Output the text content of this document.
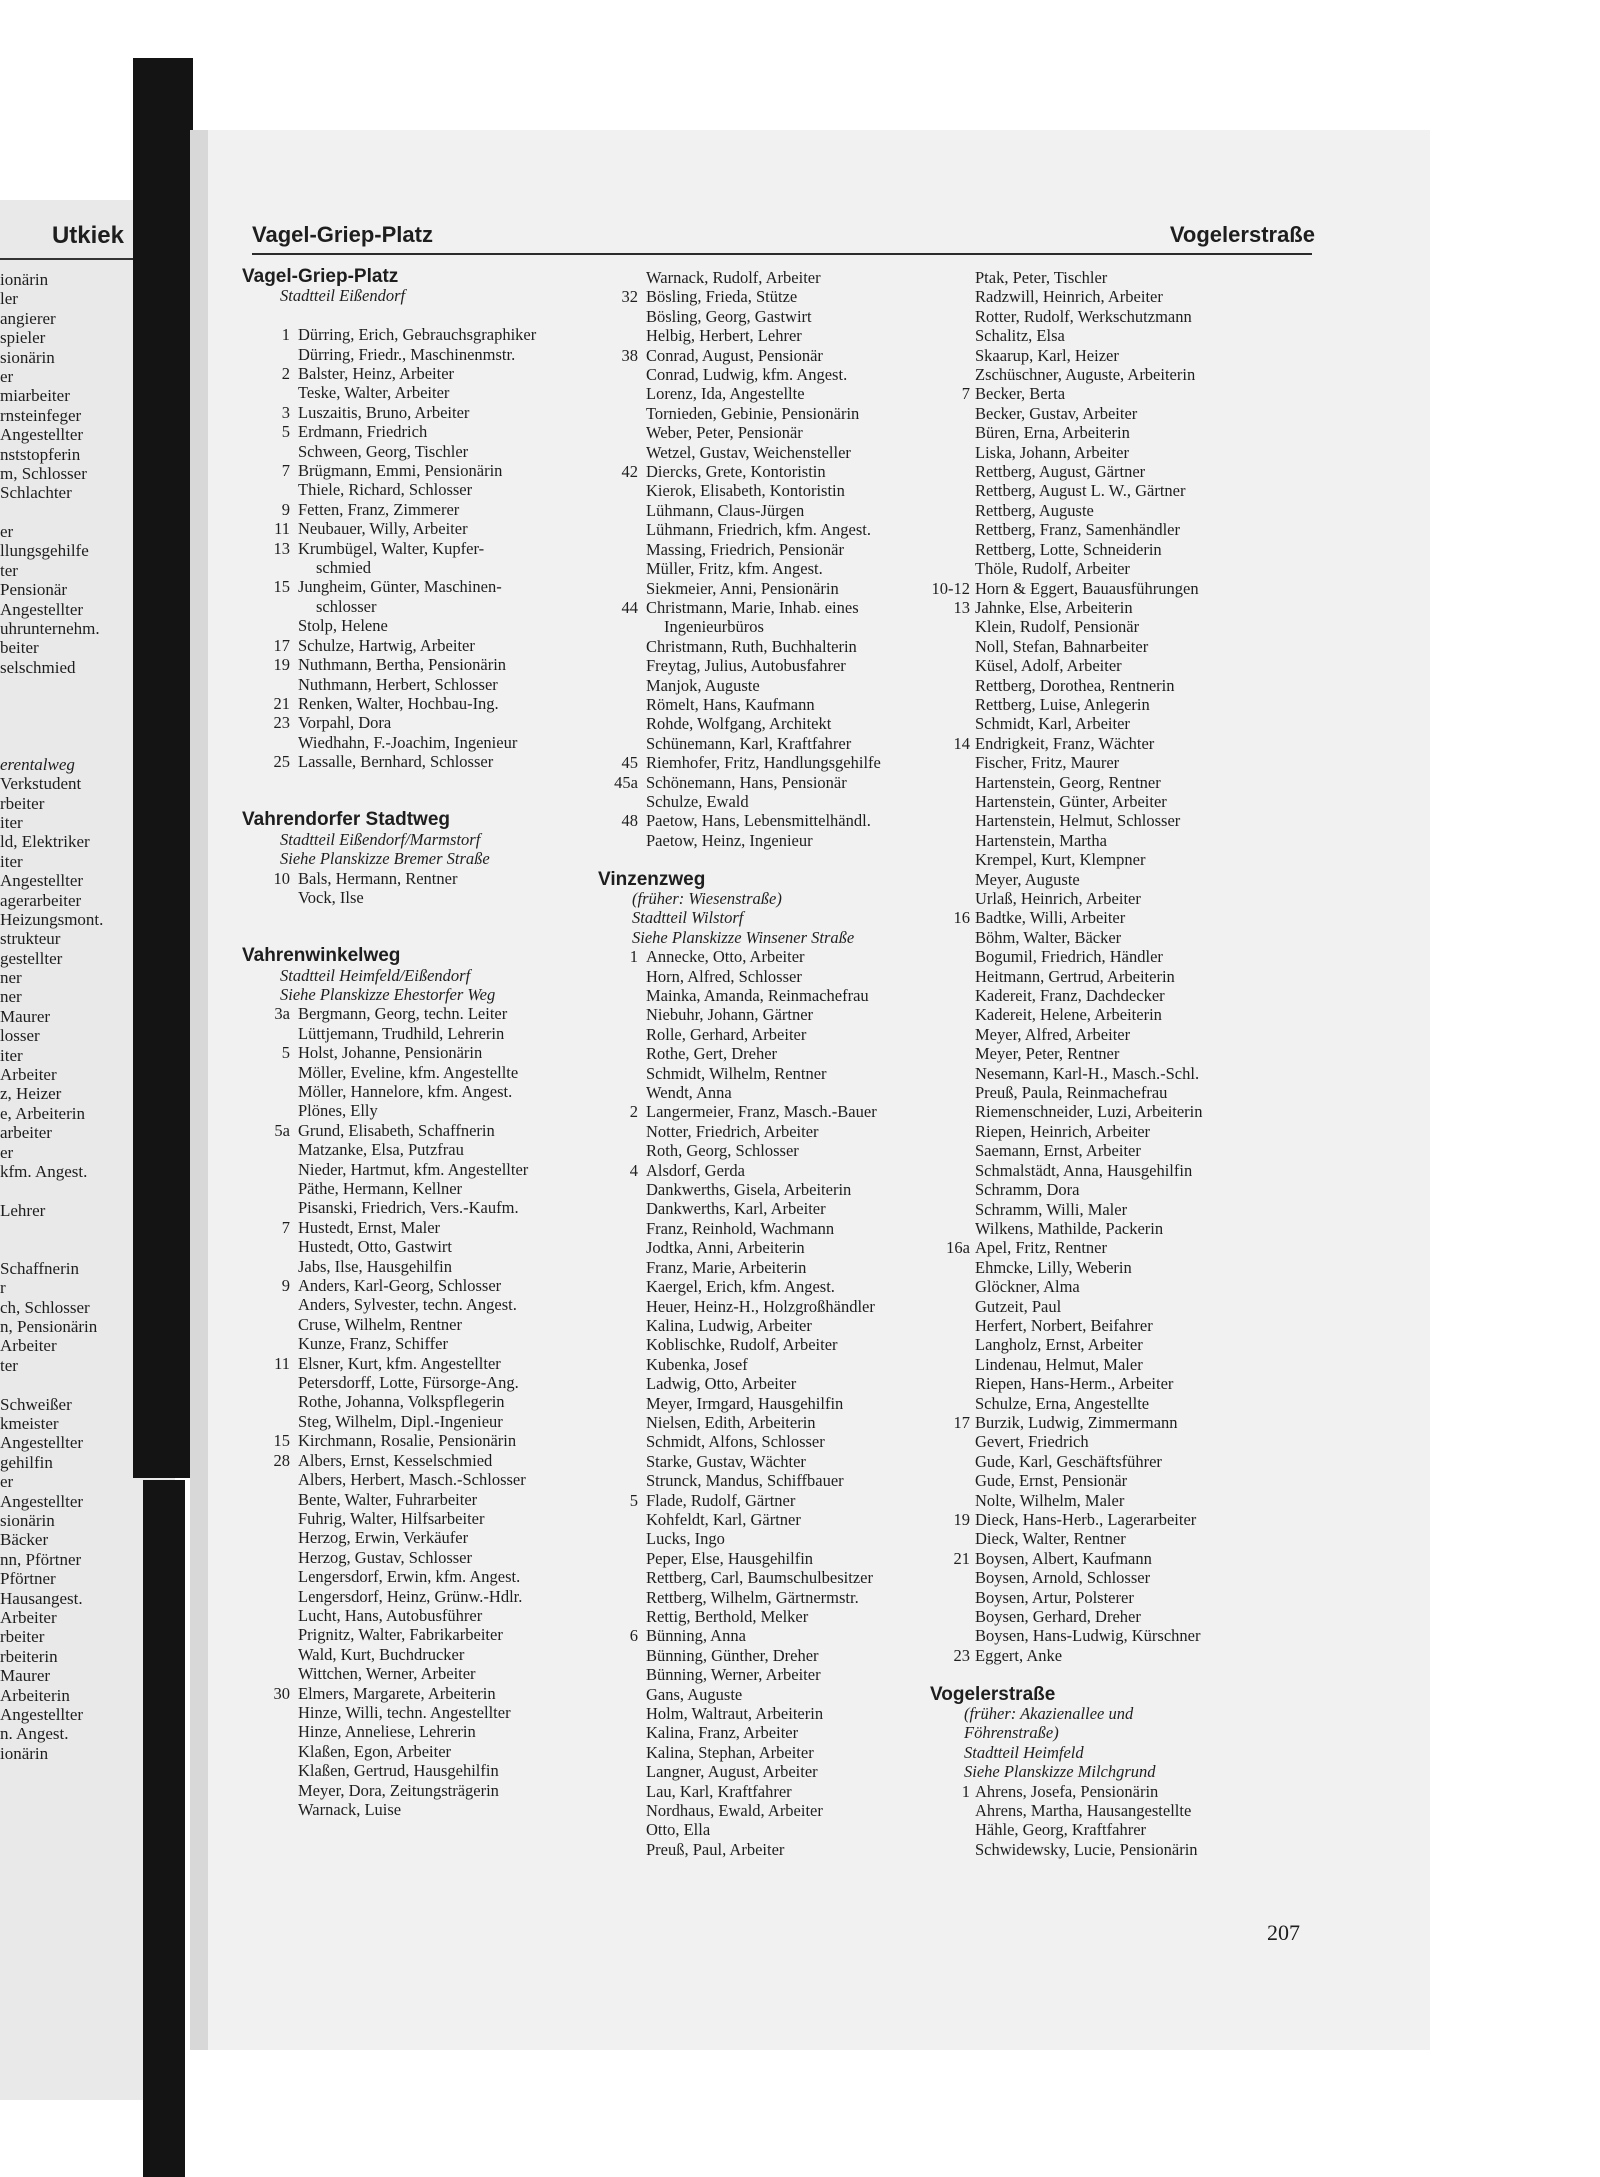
Utkiek
ionärin
ler
angierer
spieler
sionärin
er
miarbeiter
rnsteinfeger
Angestellter
nststopferin
m, Schlosser
Schlachter
er
llungsgehilfe
ter
Pensionär
Angestellter
uhrunternehm.
beiter
selschmied
erentalweg
Verkstudent
rbeiter
iter
ld, Elektriker
iter
Angestellter
agerarbeiter
Heizungsmont.
strukteur
gestellter
ner
ner
Maurer
losser
iter
Arbeiter
z, Heizer
e, Arbeiterin
arbeiter
er
kfm. Angest.
Lehrer
Schaffnerin
r
ch, Schlosser
n, Pensionärin
Arbeiter
ter
Schweißer
kmeister
Angestellter
gehilfin
er
Angestellter
sionärin
Bäcker
nn, Pförtner
Pförtner
Hausangest.
Arbeiter
rbeiter
rbeiterin
Maurer
Arbeiterin
Angestellter
n. Angest.
ionärin
Vagel-Griep-Platz	Vogelerstraße
Vagel-Griep-Platz
Stadtteil Eißendorf
1 Dürring, Erich, Gebrauchsgraphiker
Dürring, Friedr., Maschinenmstr.
2 Balster, Heinz, Arbeiter
Teske, Walter, Arbeiter
3 Luszaitis, Bruno, Arbeiter
5 Erdmann, Friedrich
Schween, Georg, Tischler
7 Brügmann, Emmi, Pensionärin
Thiele, Richard, Schlosser
9 Fetten, Franz, Zimmerer
11 Neubauer, Willy, Arbeiter
13 Krumbügel, Walter, Kupfer-
schmied
15 Jungheim, Günter, Maschinen-
schlosser
Stolp, Helene
17 Schulze, Hartwig, Arbeiter
19 Nuthmann, Bertha, Pensionärin
Nuthmann, Herbert, Schlosser
21 Renken, Walter, Hochbau-Ing.
23 Vorpahl, Dora
Wiedhahn, F.-Joachim, Ingenieur
25 Lassalle, Bernhard, Schlosser
Vahrendorfer Stadtweg
Stadtteil Eißendorf/Marmstorf
Siehe Planskizze Bremer Straße
10 Bals, Hermann, Rentner
Vock, Ilse
Vahrenwinkelweg
Stadtteil Heimfeld/Eißendorf
Siehe Planskizze Ehestorfer Weg
3a Bergmann, Georg, techn. Leiter
Lüttjemann, Trudhild, Lehrerin
5 Holst, Johanne, Pensionärin
Möller, Eveline, kfm. Angestellte
Möller, Hannelore, kfm. Angest.
Plönes, Elly
5a Grund, Elisabeth, Schaffnerin
Matzanke, Elsa, Putzfrau
Nieder, Hartmut, kfm. Angestellter
Päthe, Hermann, Kellner
Pisanski, Friedrich, Vers.-Kaufm.
7 Hustedt, Ernst, Maler
Hustedt, Otto, Gastwirt
Jabs, Ilse, Hausgehilfin
9 Anders, Karl-Georg, Schlosser
Anders, Sylvester, techn. Angest.
Cruse, Wilhelm, Rentner
Kunze, Franz, Schiffer
11 Elsner, Kurt, kfm. Angestellter
Petersdorff, Lotte, Fürsorge-Ang.
Rothe, Johanna, Volkspflegerin
Steg, Wilhelm, Dipl.-Ingenieur
15 Kirchmann, Rosalie, Pensionärin
28 Albers, Ernst, Kesselschmied
Albers, Herbert, Masch.-Schlosser
Bente, Walter, Fuhrarbeiter
Fuhrig, Walter, Hilfsarbeiter
Herzog, Erwin, Verkäufer
Herzog, Gustav, Schlosser
Lengersdorf, Erwin, kfm. Angest.
Lengersdorf, Heinz, Grünw.-Hdlr.
Lucht, Hans, Autobusführer
Prignitz, Walter, Fabrikarbeiter
Wald, Kurt, Buchdrucker
Wittchen, Werner, Arbeiter
30 Elmers, Margarete, Arbeiterin
Hinze, Willi, techn. Angestellter
Hinze, Anneliese, Lehrerin
Klaßen, Egon, Arbeiter
Klaßen, Gertrud, Hausgehilfin
Meyer, Dora, Zeitungsträgerin
Warnack, Luise
Warnack, Rudolf, Arbeiter
32 Bösling, Frieda, Stütze
Bösling, Georg, Gastwirt
Helbig, Herbert, Lehrer
38 Conrad, August, Pensionär
Conrad, Ludwig, kfm. Angest.
Lorenz, Ida, Angestellte
Tornieden, Gebinie, Pensionärin
Weber, Peter, Pensionär
Wetzel, Gustav, Weichensteller
42 Diercks, Grete, Kontoristin
Kierok, Elisabeth, Kontoristin
Lühmann, Claus-Jürgen
Lühmann, Friedrich, kfm. Angest.
Massing, Friedrich, Pensionär
Müller, Fritz, kfm. Angest.
Siekmeier, Anni, Pensionärin
44 Christmann, Marie, Inhab. eines
Ingenieurbüros
Christmann, Ruth, Buchhalterin
Freytag, Julius, Autobusfahrer
Manjok, Auguste
Römelt, Hans, Kaufmann
Rohde, Wolfgang, Architekt
Schünemann, Karl, Kraftfahrer
45 Riemhofer, Fritz, Handlungsgehilfe
45a Schönemann, Hans, Pensionär
Schulze, Ewald
48 Paetow, Hans, Lebensmittelhändl.
Paetow, Heinz, Ingenieur
Vinzenzweg
(früher: Wiesenstraße)
Stadtteil Wilstorf
Siehe Planskizze Winsener Straße
1 Annecke, Otto, Arbeiter
Horn, Alfred, Schlosser
Mainka, Amanda, Reinmachefrau
Niebuhr, Johann, Gärtner
Rolle, Gerhard, Arbeiter
Rothe, Gert, Dreher
Schmidt, Wilhelm, Rentner
Wendt, Anna
2 Langermeier, Franz, Masch.-Bauer
Notter, Friedrich, Arbeiter
Roth, Georg, Schlosser
4 Alsdorf, Gerda
Dankwerths, Gisela, Arbeiterin
Dankwerths, Karl, Arbeiter
Franz, Reinhold, Wachmann
Jodtka, Anni, Arbeiterin
Franz, Marie, Arbeiterin
Kaergel, Erich, kfm. Angest.
Heuer, Heinz-H., Holzgroßhändler
Kalina, Ludwig, Arbeiter
Koblischke, Rudolf, Arbeiter
Kubenka, Josef
Ladwig, Otto, Arbeiter
Meyer, Irmgard, Hausgehilfin
Nielsen, Edith, Arbeiterin
Schmidt, Alfons, Schlosser
Starke, Gustav, Wächter
Strunck, Mandus, Schiffbauer
5 Flade, Rudolf, Gärtner
Kohfeldt, Karl, Gärtner
Lucks, Ingo
Peper, Else, Hausgehilfin
Rettberg, Carl, Baumschulbesitzer
Rettberg, Wilhelm, Gärtnermstr.
Rettig, Berthold, Melker
6 Bünning, Anna
Bünning, Günther, Dreher
Bünning, Werner, Arbeiter
Gans, Auguste
Holm, Waltraut, Arbeiterin
Kalina, Franz, Arbeiter
Kalina, Stephan, Arbeiter
Langner, August, Arbeiter
Lau, Karl, Kraftfahrer
Nordhaus, Ewald, Arbeiter
Otto, Ella
Preuß, Paul, Arbeiter
Ptak, Peter, Tischler
Radzwill, Heinrich, Arbeiter
Rotter, Rudolf, Werkschutzmann
Schalitz, Elsa
Skaarup, Karl, Heizer
Zschüschner, Auguste, Arbeiterin
7 Becker, Berta
Becker, Gustav, Arbeiter
Büren, Erna, Arbeiterin
Liska, Johann, Arbeiter
Rettberg, August, Gärtner
Rettberg, August L. W., Gärtner
Rettberg, Auguste
Rettberg, Franz, Samenhändler
Rettberg, Lotte, Schneiderin
Thöle, Rudolf, Arbeiter
10-12 Horn & Eggert, Bauausführungen
13 Jahnke, Else, Arbeiterin
Klein, Rudolf, Pensionär
Noll, Stefan, Bahnarbeiter
Küsel, Adolf, Arbeiter
Rettberg, Dorothea, Rentnerin
Rettberg, Luise, Anlegerin
Schmidt, Karl, Arbeiter
14 Endrigkeit, Franz, Wächter
Fischer, Fritz, Maurer
Hartenstein, Georg, Rentner
Hartenstein, Günter, Arbeiter
Hartenstein, Helmut, Schlosser
Hartenstein, Martha
Krempel, Kurt, Klempner
Meyer, Auguste
Urlaß, Heinrich, Arbeiter
16 Badtke, Willi, Arbeiter
Böhm, Walter, Bäcker
Bogumil, Friedrich, Händler
Heitmann, Gertrud, Arbeiterin
Kadereit, Franz, Dachdecker
Kadereit, Helene, Arbeiterin
Meyer, Alfred, Arbeiter
Meyer, Peter, Rentner
Nesemann, Karl-H., Masch.-Schl.
Preuß, Paula, Reinmachefrau
Riemenschneider, Luzi, Arbeiterin
Riepen, Heinrich, Arbeiter
Saemann, Ernst, Arbeiter
Schmalstädt, Anna, Hausgehilfin
Schramm, Dora
Schramm, Willi, Maler
Wilkens, Mathilde, Packerin
16a Apel, Fritz, Rentner
Ehmcke, Lilly, Weberin
Glöckner, Alma
Gutzeit, Paul
Herfert, Norbert, Beifahrer
Langholz, Ernst, Arbeiter
Lindenau, Helmut, Maler
Riepen, Hans-Herm., Arbeiter
Schulze, Erna, Angestellte
17 Burzik, Ludwig, Zimmermann
Gevert, Friedrich
Gude, Karl, Geschäftsführer
Gude, Ernst, Pensionär
Nolte, Wilhelm, Maler
19 Dieck, Hans-Herb., Lagerarbeiter
Dieck, Walter, Rentner
21 Boysen, Albert, Kaufmann
Boysen, Arnold, Schlosser
Boysen, Artur, Polsterer
Boysen, Gerhard, Dreher
Boysen, Hans-Ludwig, Kürschner
23 Eggert, Anke
Vogelerstraße
(früher: Akazienallee und
Föhrenstraße)
Stadtteil Heimfeld
Siehe Planskizze Milchgrund
1 Ahrens, Josefa, Pensionärin
Ahrens, Martha, Hausangestellte
Hähle, Georg, Kraftfahrer
Schwidewsky, Lucie, Pensionärin
207
